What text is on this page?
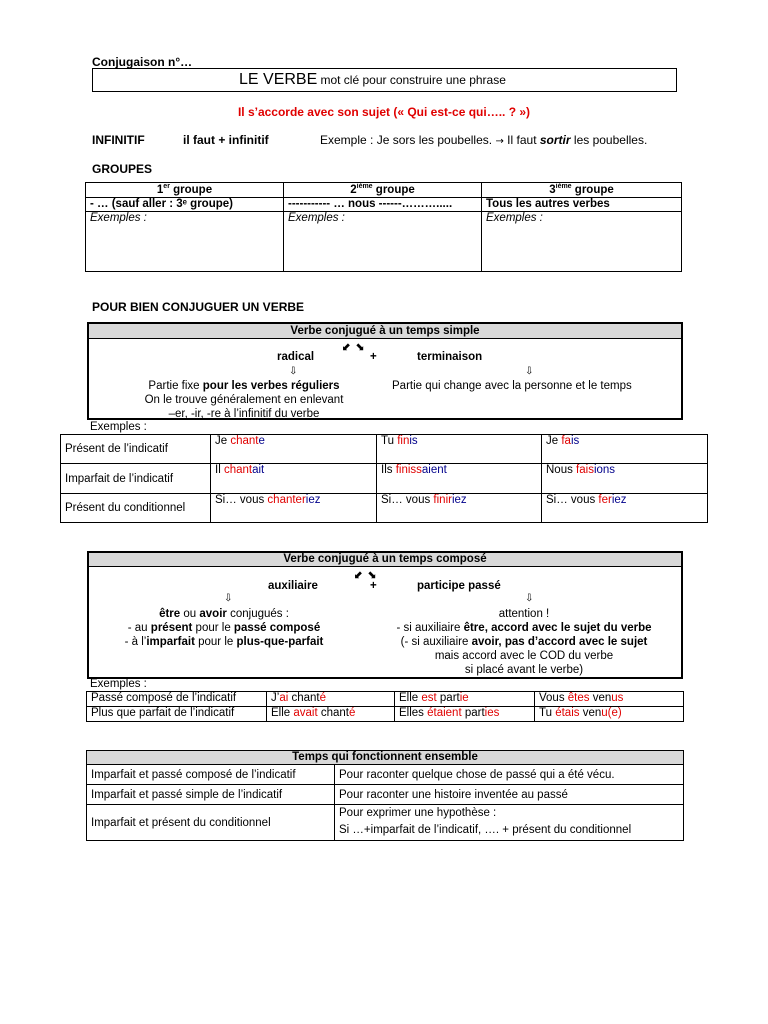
Conjugaison n°…
LE VERBE mot clé pour construire une phrase
Il s’accorde avec son sujet (« Qui est-ce qui….. ? »)
INFINITIF	il faut + infinitif	Exemple : Je sors les poubelles. → Il faut sortir les poubelles.
GROUPES
1er groupe	2ième groupe	3ième groupe
- … (sauf aller : 3ᵉ groupe)	----------- … nous ------……….....	Tous les autres verbes
Exemples :	Exemples :	Exemples :
POUR BIEN CONJUGUER UN VERBE
Verbe conjugué à un temps simple
⬋ ⬊
radical	+	terminaison
⇩	⇩
Partie fixe pour les verbes réguliers
On le trouve généralement en enlevant
–er, -ir, -re à l’infinitif du verbe
Partie qui change avec la personne et le temps
Exemples :
Présent de l’indicatif	Je chante	Tu finis	Je fais
Imparfait de l’indicatif	Il chantait	Ils finissaient	Nous faisions
Présent du conditionnel	Si… vous chanteriez	Si… vous finiriez	Si… vous feriez
Verbe conjugué à un temps composé
⬋ ⬊
auxiliaire	+	participe passé
⇩	⇩
être ou avoir conjugués :
- au présent pour le passé composé
- à l’imparfait pour le plus-que-parfait
attention !
- si auxiliaire être, accord avec le sujet du verbe
(- si auxiliaire avoir, pas d’accord avec le sujet
mais accord avec le COD du verbe
si placé avant le verbe)
Exemples :
Passé composé de l’indicatif	J’ai chanté	Elle est partie	Vous êtes venus
Plus que parfait de l’indicatif	Elle avait chanté	Elles étaient parties	Tu étais venu(e)
Temps qui fonctionnent ensemble	
Imparfait et passé composé de l’indicatif	Pour raconter quelque chose de passé qui a été vécu.
Imparfait et passé simple de l’indicatif	Pour raconter une histoire inventée au passé
Imparfait et présent du conditionnel	Pour exprimer une hypothèse :
Si …+imparfait de l’indicatif, …. + présent du conditionnel
